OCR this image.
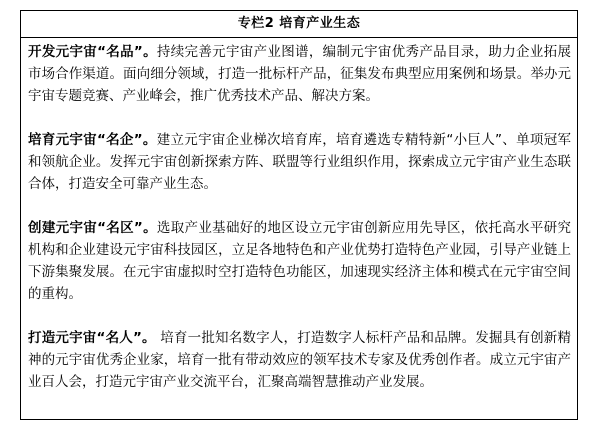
专栏2 培育产业生态

开发元宇宙“名品”。持续完善元宇宙产业图谱，编制元宇宙优秀产品目录，助力企业拓展市场合作渠道。面向细分领域，打造一批标杆产品，征集发布典型应用案例和场景。举办元宇宙专题竞赛、产业峰会，推广优秀技术产品、解决方案。

培育元宇宙“名企”。建立元宇宙企业梯次培育库，培育遴选专精特新“小巨人”、单项冠军和领航企业。发挥元宇宙创新探索方阵、联盟等行业组织作用，探索成立元宇宙产业生态联合体，打造安全可靠产业生态。

创建元宇宙“名区”。选取产业基础好的地区设立元宇宙创新应用先导区，依托高水平研究机构和企业建设元宇宙科技园区，立足各地特色和产业优势打造特色产业园，引导产业链上下游集聚发展。在元宇宙虚拟时空打造特色功能区，加速现实经济主体和模式在元宇宙空间的重构。

打造元宇宙“名人”。 培育一批知名数字人，打造数字人标杆产品和品牌。发掘具有创新精神的元宇宙优秀企业家，培育一批有带动效应的领军技术专家及优秀创作者。成立元宇宙产业百人会，打造元宇宙产业交流平台，汇聚高端智慧推动产业发展。
